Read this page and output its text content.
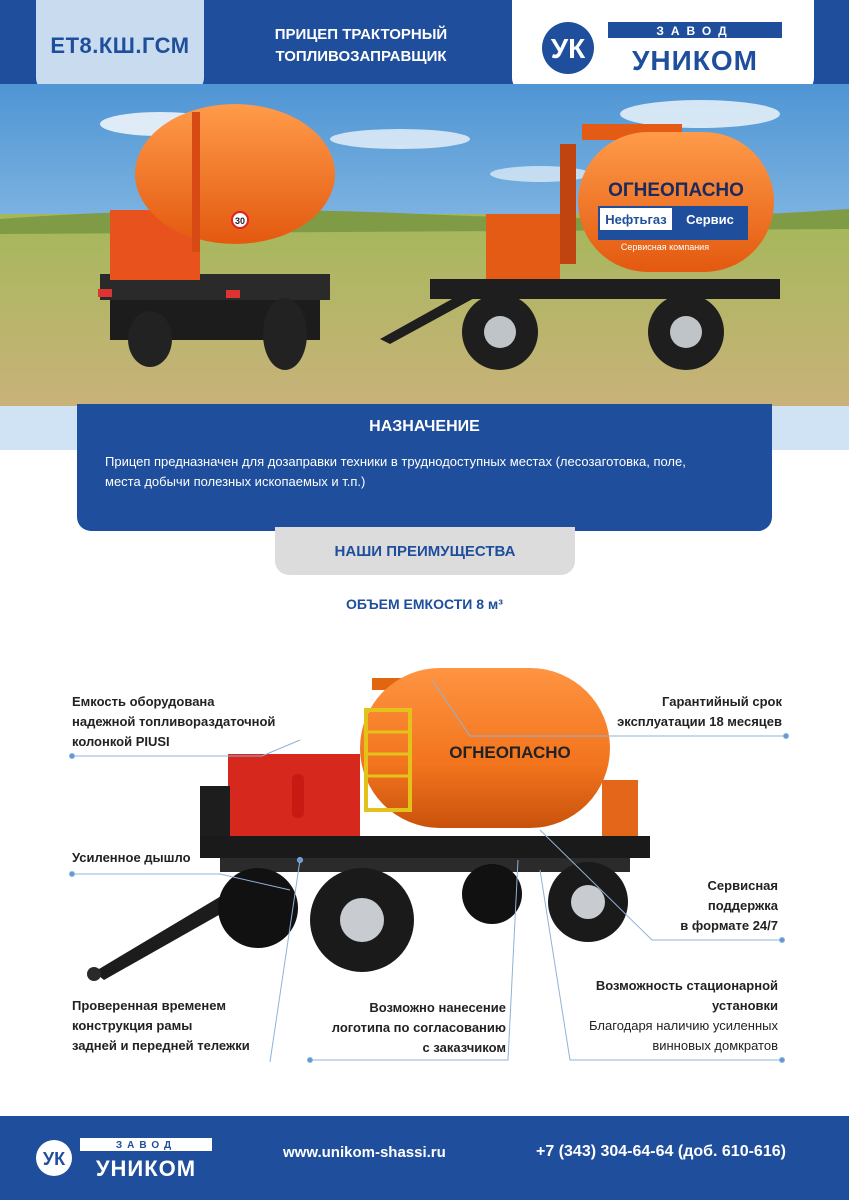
ET8.КШ.ГСМ	ПРИЦЕП ТРАКТОРНЫЙ
ТОПЛИВОЗАПРАВЩИК	УК
ЗАВОД
УНИКОМ
30
ОГНЕОПАСНО
Нефтьгаз Сервис
Сервисная компания
НАЗНАЧЕНИЕ

Прицеп предназначен для дозаправки техники в труднодоступных местах (лесозаготовка, поле,
места добычи полезных ископаемых и т.п.)

НАШИ ПРЕИМУЩЕСТВА
ОБЪЕМ ЕМКОСТИ 8 м³
ОГНЕОПАСНО
Емкость оборудована
надежной топливораздаточной
колонкой PIUSI
Гарантийный срок
эксплуатации 18 месяцев
Усиленное дышло
Сервисная
поддержка
в формате 24/7
Проверенная временем
конструкция рамы
задней и передней тележки
Возможно нанесение
логотипа по согласованию
с заказчиком
Возможность стационарной
установки
Благодаря наличию усиленных
винновых домкратов
УК
ЗАВОД
УНИКОМ
www.unikom-shassi.ru	+7 (343) 304-64-64 (доб. 610-616)
